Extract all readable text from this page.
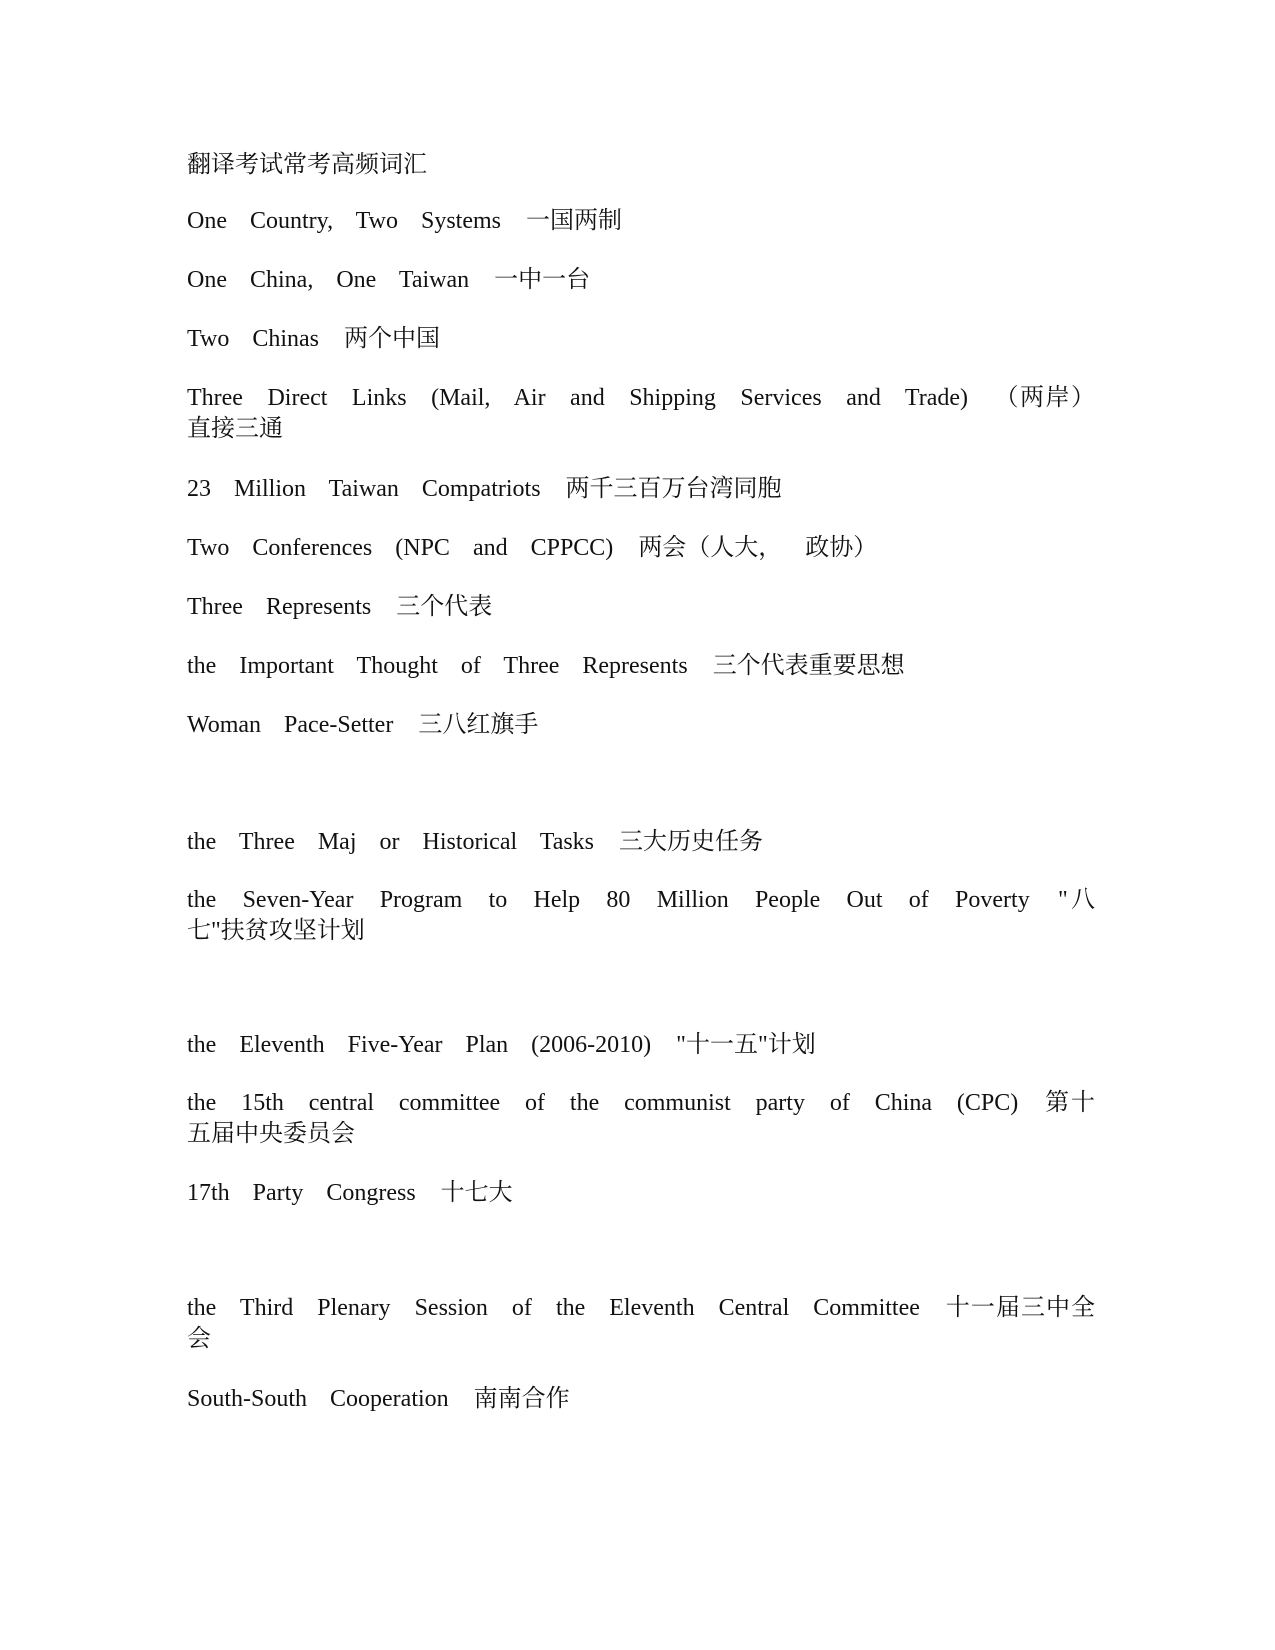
翻译考试常考高频词汇
One Country, Two Systems 一国两制
One China, One Taiwan 一中一台
Two Chinas 两个中国
Three Direct Links (Mail, Air and Shipping Services and Trade) （两岸） 直接三通
23 Million Taiwan Compatriots 两千三百万台湾同胞
Two Conferences (NPC and CPPCC) 两会（人大， 政协）
Three Represents 三个代表
the Important Thought of Three Represents 三个代表重要思想
Woman Pace-Setter 三八红旗手
the Three Maj or Historical Tasks 三大历史任务
the Seven-Year Program to Help 80 Million People Out of Poverty "八七"扶贫攻坚计划
the Eleventh Five-Year Plan (2006-2010) "十一五"计划
the 15th central committee of the communist party of China (CPC) 第十五届中央委员会
17th Party Congress 十七大
the Third Plenary Session of the Eleventh Central Committee 十一届三中全会
South-South Cooperation 南南合作
